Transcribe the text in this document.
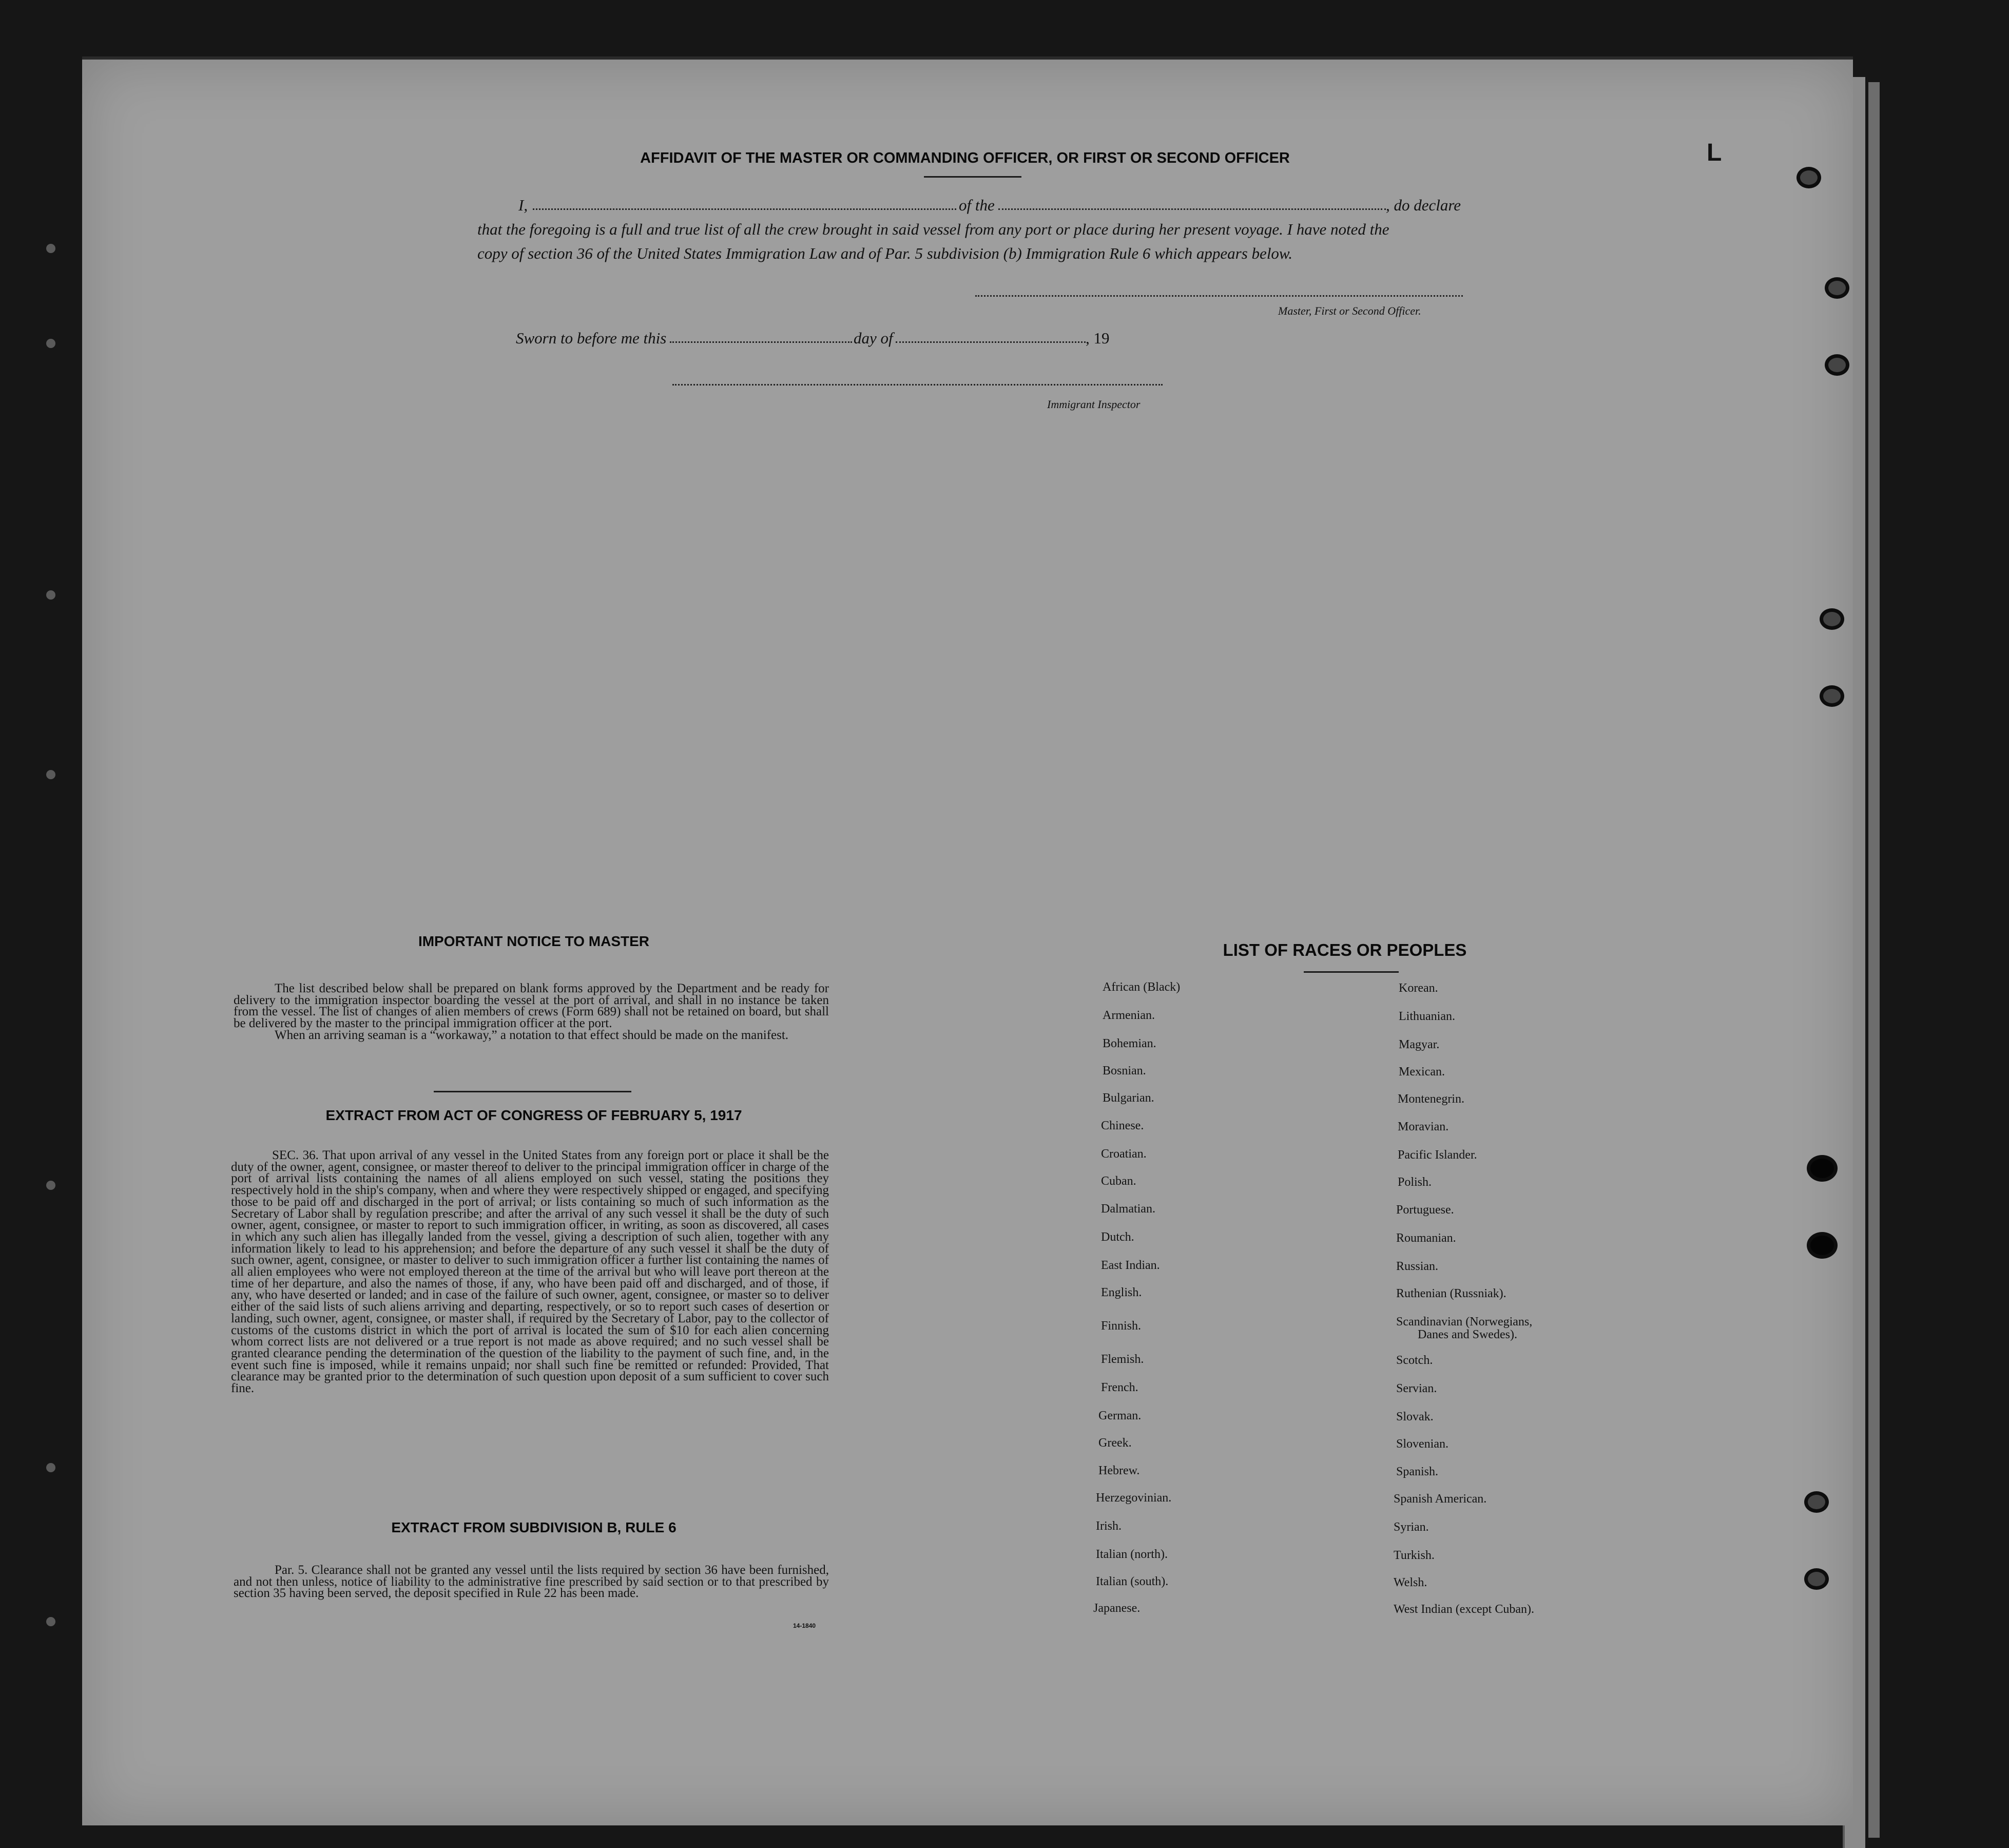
L
AFFIDAVIT OF THE MASTER OR COMMANDING OFFICER, OR FIRST OR SECOND OFFICER
I,	of the	, do declare
that the foregoing is a full and true list of all the crew brought in said vessel from any port or place during her present voyage. I have noted the
copy of section 36 of the United States Immigration Law and of Par. 5 subdivision (b) Immigration Rule 6 which appears below.
Master, First or Second Officer.
Sworn to before me this	day of	, 19
Immigrant Inspector
IMPORTANT NOTICE TO MASTER

The list described below shall be prepared on blank forms approved by the Department and be ready for delivery to the immigration inspector boarding the vessel at the port of arrival, and shall in no instance be taken from the vessel. The list of changes of alien members of crews (Form 689) shall not be retained on board, but shall be delivered by the master to the principal immigration officer at the port.

When an arriving seaman is a “workaway,” a notation to that effect should be made on the manifest.

EXTRACT FROM ACT OF CONGRESS OF FEBRUARY 5, 1917
SEC. 36. That upon arrival of any vessel in the United States from any foreign port or place it shall be the duty of the owner, agent, consignee, or master thereof to deliver to the principal immigration officer in charge of the port of arrival lists containing the names of all aliens employed on such vessel, stating the positions they respectively hold in the ship's company, when and where they were respectively shipped or engaged, and specifying those to be paid off and discharged in the port of arrival; or lists containing so much of such information as the Secretary of Labor shall by regulation prescribe; and after the arrival of any such vessel it shall be the duty of such owner, agent, consignee, or master to report to such immigration officer, in writing, as soon as discovered, all cases in which any such alien has illegally landed from the vessel, giving a description of such alien, together with any information likely to lead to his apprehension; and before the departure of any such vessel it shall be the duty of such owner, agent, consignee, or master to deliver to such immigration officer a further list containing the names of all alien employees who were not employed thereon at the time of the arrival but who will leave port thereon at the time of her departure, and also the names of those, if any, who have been paid off and discharged, and of those, if any, who have deserted or landed; and in case of the failure of such owner, agent, consignee, or master so to deliver either of the said lists of such aliens arriving and departing, respectively, or so to report such cases of desertion or landing, such owner, agent, consignee, or master shall, if required by the Secretary of Labor, pay to the collector of customs of the customs district in which the port of arrival is located the sum of $10 for each alien concerning whom correct lists are not delivered or a true report is not made as above required; and no such vessel shall be granted clearance pending the determination of the question of the liability to the payment of such fine, and, in the event such fine is imposed, while it remains unpaid; nor shall such fine be remitted or refunded: Provided, That clearance may be granted prior to the determination of such question upon deposit of a sum sufficient to cover such fine.
EXTRACT FROM SUBDIVISION B, RULE 6
Par. 5. Clearance shall not be granted any vessel until the lists required by section 36 have been furnished, and not then unless, notice of liability to the administrative fine prescribed by said section or to that prescribed by section 35 having been served, the deposit specified in Rule 22 has been made.
14-1840
LIST OF RACES OR PEOPLES
African (Black)
Armenian.
Bohemian.
Bosnian.
Bulgarian.
Chinese.
Croatian.
Cuban.
Dalmatian.
Dutch.
East Indian.
English.
Finnish.
Flemish.
French.
German.
Greek.
Hebrew.
Herzegovinian.
Irish.
Italian (north).
Italian (south).
Japanese.
Korean.
Lithuanian.
Magyar.
Mexican.
Montenegrin.
Moravian.
Pacific Islander.
Polish.
Portuguese.
Roumanian.
Russian.
Ruthenian (Russniak).
Scandinavian (Norwegians,
Danes and Swedes).
Scotch.
Servian.
Slovak.
Slovenian.
Spanish.
Spanish American.
Syrian.
Turkish.
Welsh.
West Indian (except Cuban).
